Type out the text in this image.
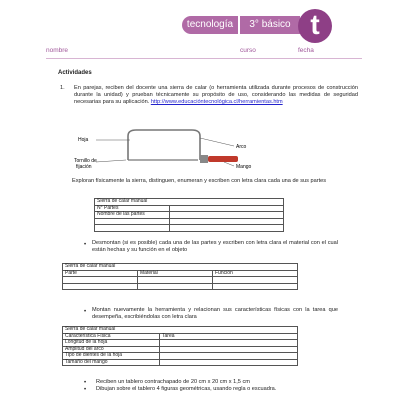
tecnología	3° básico t
nombre	curso	fecha
Actividades
1. En parejas, reciben del docente una sierra de calar (o herramienta utilizada durante procesos de construcción durante la unidad) y prueban técnicamente su propósito de uso, considerando las medidas de seguridad necesarias para su aplicación. http://www.educacióntecnológica.cl/herramientas.htm
Hoja
Tornillo de
fijación
Arco
Mango
Exploran físicamente la sierra, distinguen, enumeran y escriben con letra clara cada una de sus partes
Sierra de calar manual	
N° Partes	
Nombre de las partes	

• Desmontan (si es posible) cada una de las partes y escriben con letra clara el material con el cual están hechas y su función en el objeto
Sierra de calar manual		
Parte	Material	Función

• Montan nuevamente la herramienta y relacionan sus características físicas con la tarea que desempeña, escribiéndolas con letra clara
Sierra de calar manual	
Característica Física	Tarea
Longitud de la hoja	
Amplitud del arco	
Tipo de dientes de la hoja	
Tamaño del mango	
• Reciben un tablero contrachapado de 20 cm x 20 cm x 1,5 cm
• Dibujan sobre el tablero 4 figuras geométricas, usando regla o escuadra.
